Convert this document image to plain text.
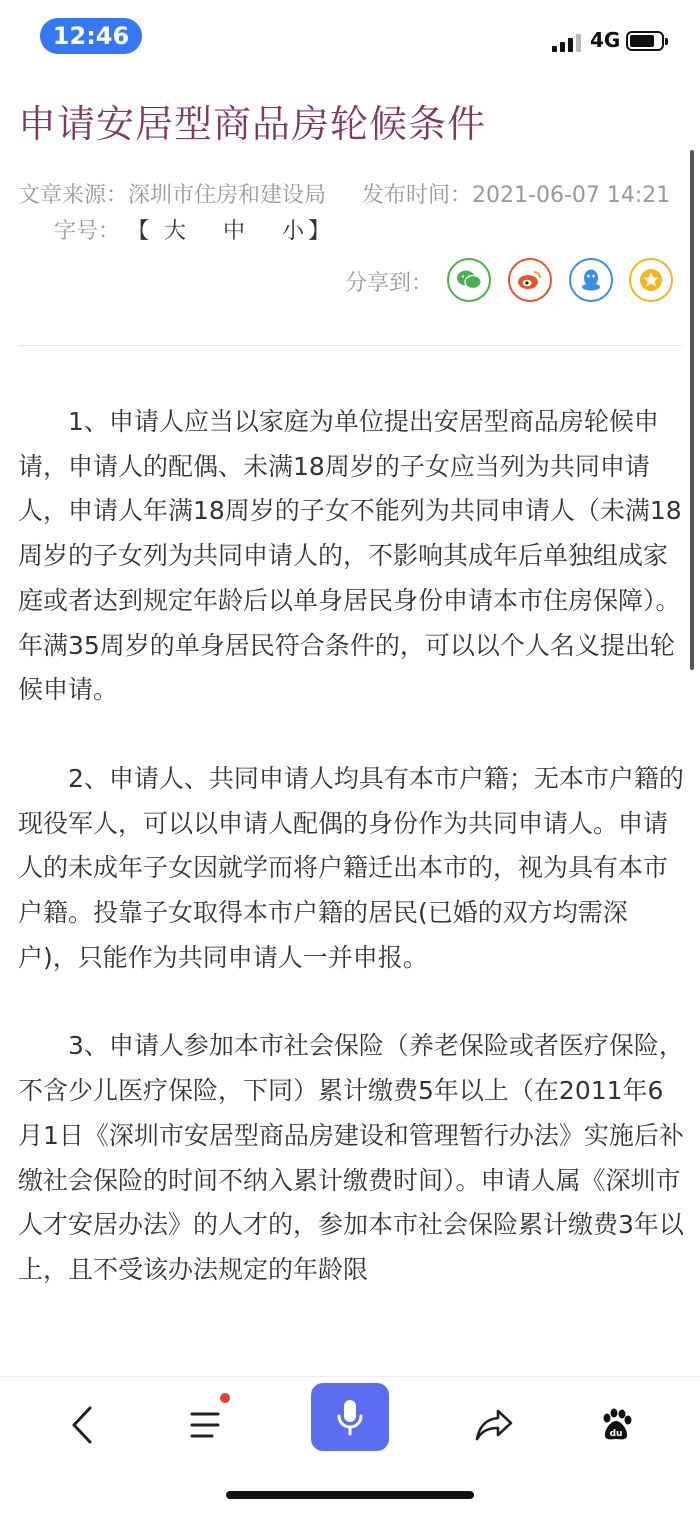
12:46	4G
申请安居型商品房轮候条件
文章来源：深圳市住房和建设局 发布时间：2021-06-07 14:21字号： 【 大 中 小】
分享到：

1、申请人应当以家庭为单位提出安居型商品房轮候申请，申请人的配偶、未满18周岁的子女应当列为共同申请人，申请人年满18周岁的子女不能列为共同申请人（未满18周岁的子女列为共同申请人的，不影响其成年后单独组成家庭或者达到规定年龄后以单身居民身份申请本市住房保障）。年满35周岁的单身居民符合条件的，可以以个人名义提出轮候申请。

2、申请人、共同申请人均具有本市户籍；无本市户籍的现役军人，可以以申请人配偶的身份作为共同申请人。申请人的未成年子女因就学而将户籍迁出本市的，视为具有本市户籍。投靠子女取得本市户籍的居民(已婚的双方均需深户)，只能作为共同申请人一并申报。

3、申请人参加本市社会保险（养老保险或者医疗保险，不含少儿医疗保险，下同）累计缴费5年以上（在2011年6月1日《深圳市安居型商品房建设和管理暂行办法》实施后补缴社会保险的时间不纳入累计缴费时间）。申请人属《深圳市人才安居办法》的人才的，参加本市社会保险累计缴费3年以上，且不受该办法规定的年龄限

du
